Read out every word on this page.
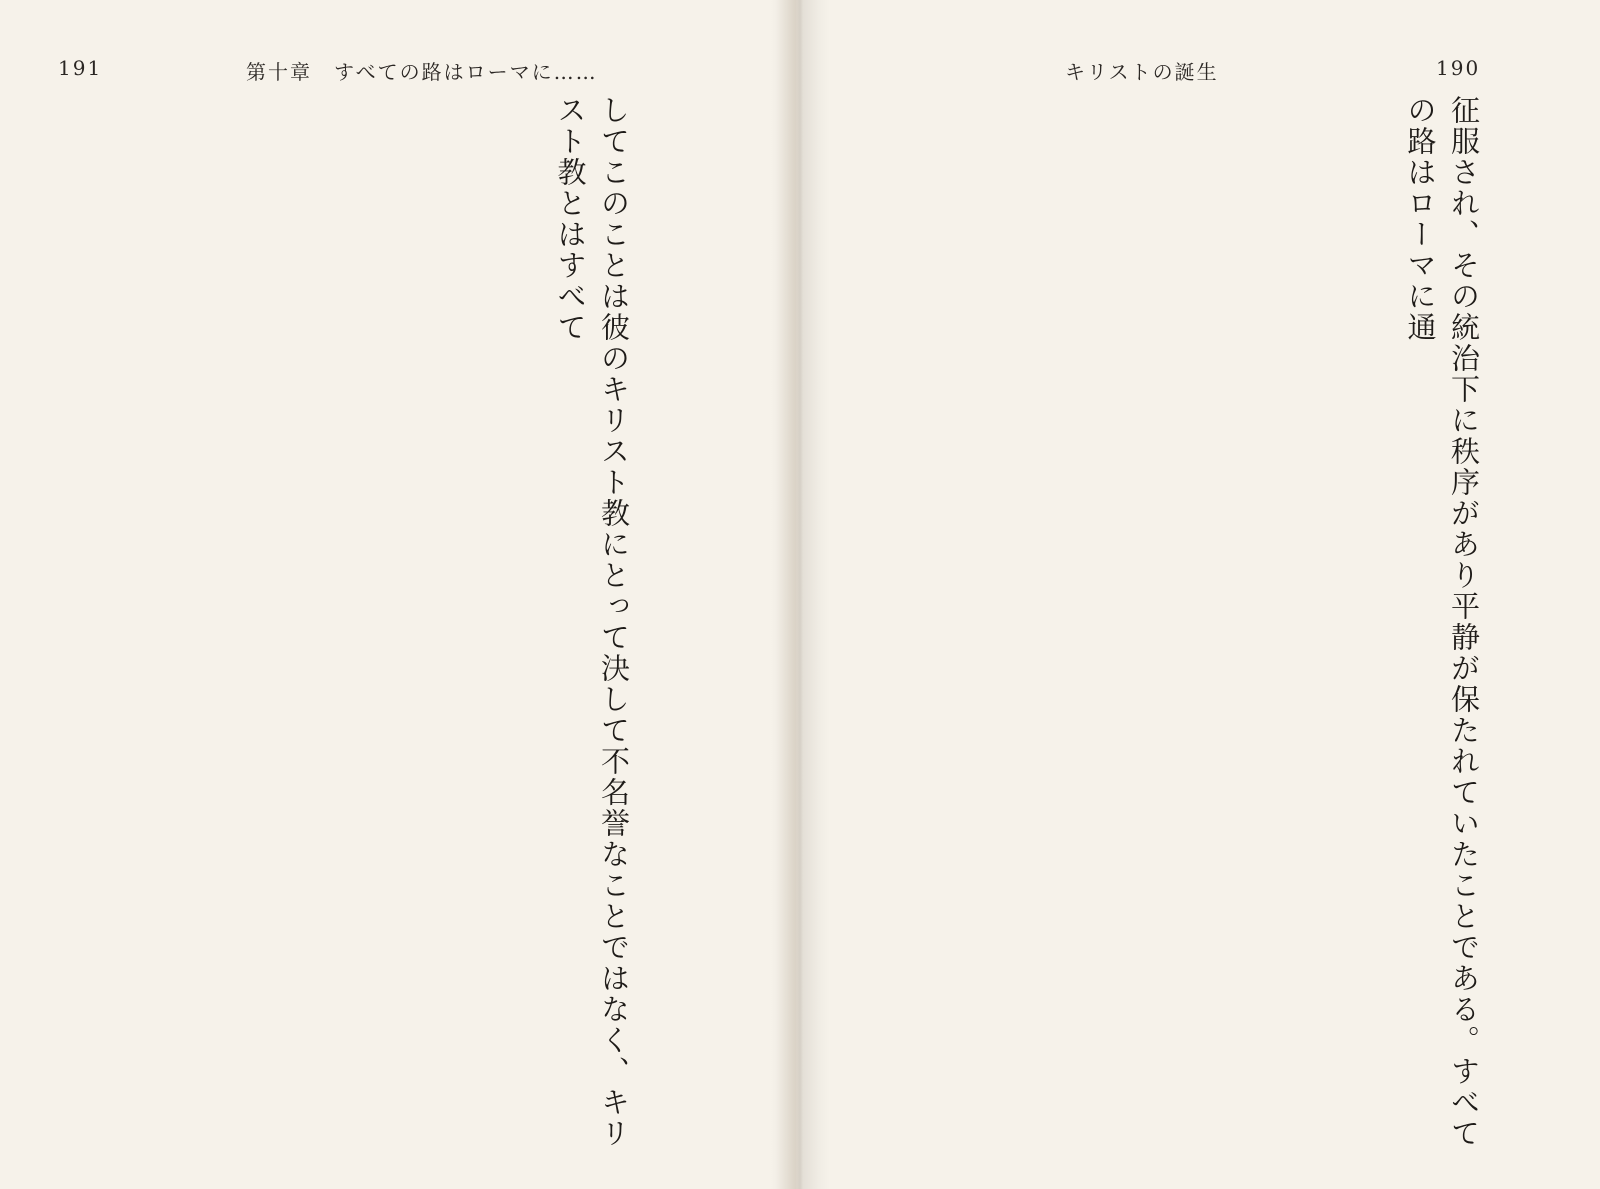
191	第十章　すべての路はローマに……

してこのことは彼のキリスト教にとって決して不名誉なことではなく、キリスト教とはすべて

キリストの誕生	190

征服され、その統治下に秩序があり平静が保たれていたことである。すべての路はローマに通
